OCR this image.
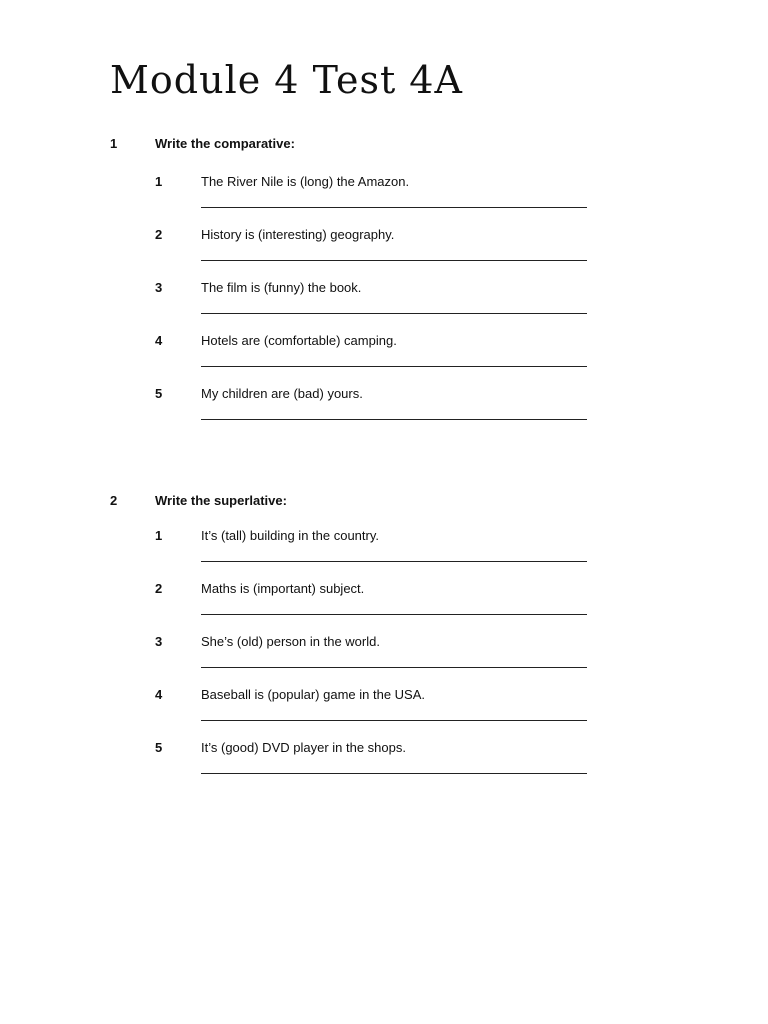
Module 4 Test 4A
1	Write the comparative:
1	The River Nile is (long) the Amazon.
2	History is (interesting) geography.
3	The film is (funny) the book.
4	Hotels are (comfortable) camping.
5	My children are (bad) yours.
2	Write the superlative:
1	It’s (tall) building in the country.
2	Maths is (important) subject.
3	She’s (old) person in the world.
4	Baseball is (popular) game in the USA.
5	It’s (good) DVD player in the shops.
